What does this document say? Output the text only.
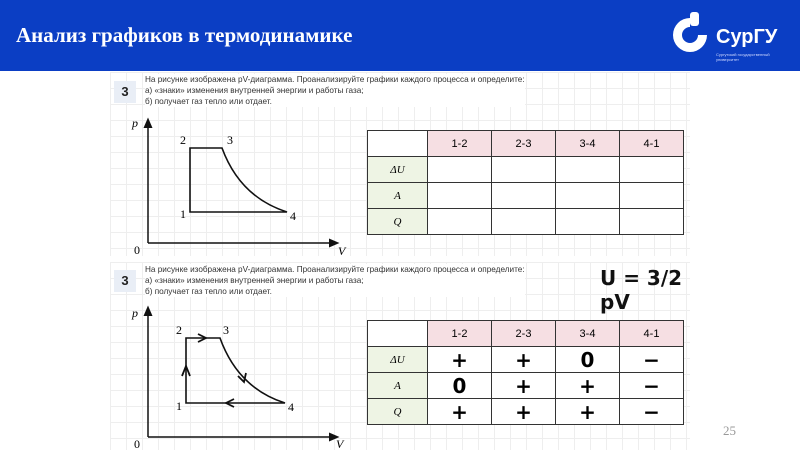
Анализ графиков в термодинамике	СурГУ
Сургутский государственный университет
3
На рисунке изображена pV-диаграмма. Проанализируйте графики каждого процесса и определите:
а) «знаки» изменения внутренней энергии и работы газа;
б) получает газ тепло или отдает.
p
V
0
1
2	3
4
	1-2	2-3	3-4	4-1
ΔU				
A				
Q				
3
На рисунке изображена pV-диаграмма. Проанализируйте графики каждого процесса и определите:
а) «знаки» изменения внутренней энергии и работы газа;
б) получает газ тепло или отдает.
U = 3/2 pV
p
V
0
1
2	3
4
	1-2	2-3	3-4	4-1
ΔU	+	+	0	−
A	0	+	+	−
Q	+	+	+	−
25
